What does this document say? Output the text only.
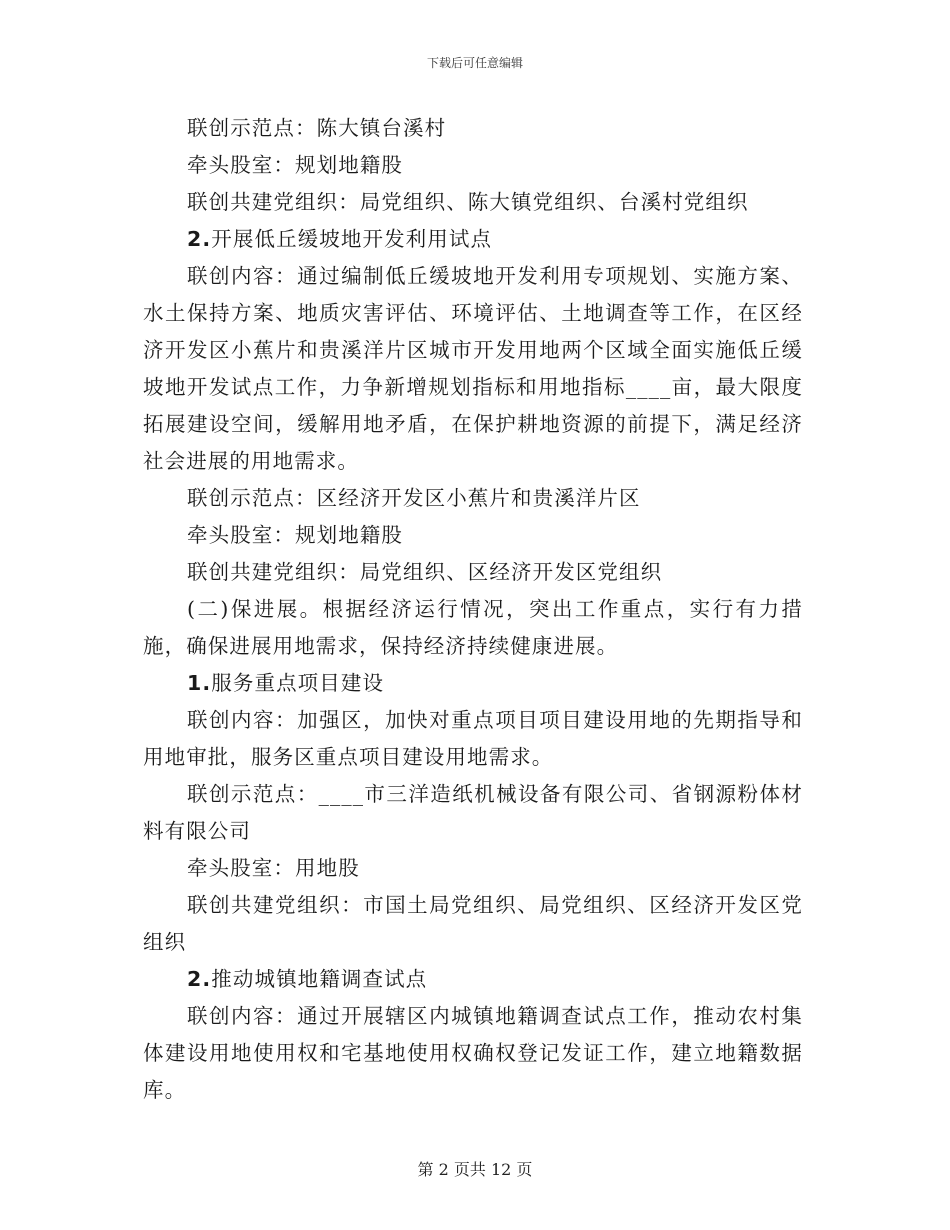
下载后可任意编辑

联创示范点：陈大镇台溪村

牵头股室：规划地籍股

联创共建党组织：局党组织、陈大镇党组织、台溪村党组织

2.开展低丘缓坡地开发利用试点

联创内容：通过编制低丘缓坡地开发利用专项规划、实施方案、水土保持方案、地质灾害评估、环境评估、土地调查等工作，在区经济开发区小蕉片和贵溪洋片区城市开发用地两个区域全面实施低丘缓坡地开发试点工作，力争新增规划指标和用地指标____亩，最大限度拓展建设空间，缓解用地矛盾，在保护耕地资源的前提下，满足经济社会进展的用地需求。

联创示范点：区经济开发区小蕉片和贵溪洋片区

牵头股室：规划地籍股

联创共建党组织：局党组织、区经济开发区党组织

(二)保进展。根据经济运行情况，突出工作重点，实行有力措施，确保进展用地需求，保持经济持续健康进展。

1.服务重点项目建设

联创内容：加强区，加快对重点项目项目建设用地的先期指导和用地审批，服务区重点项目建设用地需求。

联创示范点：____市三洋造纸机械设备有限公司、省钢源粉体材料有限公司

牵头股室：用地股

联创共建党组织：市国土局党组织、局党组织、区经济开发区党组织

2.推动城镇地籍调查试点

联创内容：通过开展辖区内城镇地籍调查试点工作，推动农村集体建设用地使用权和宅基地使用权确权登记发证工作，建立地籍数据库。

第 2 页共 12 页
